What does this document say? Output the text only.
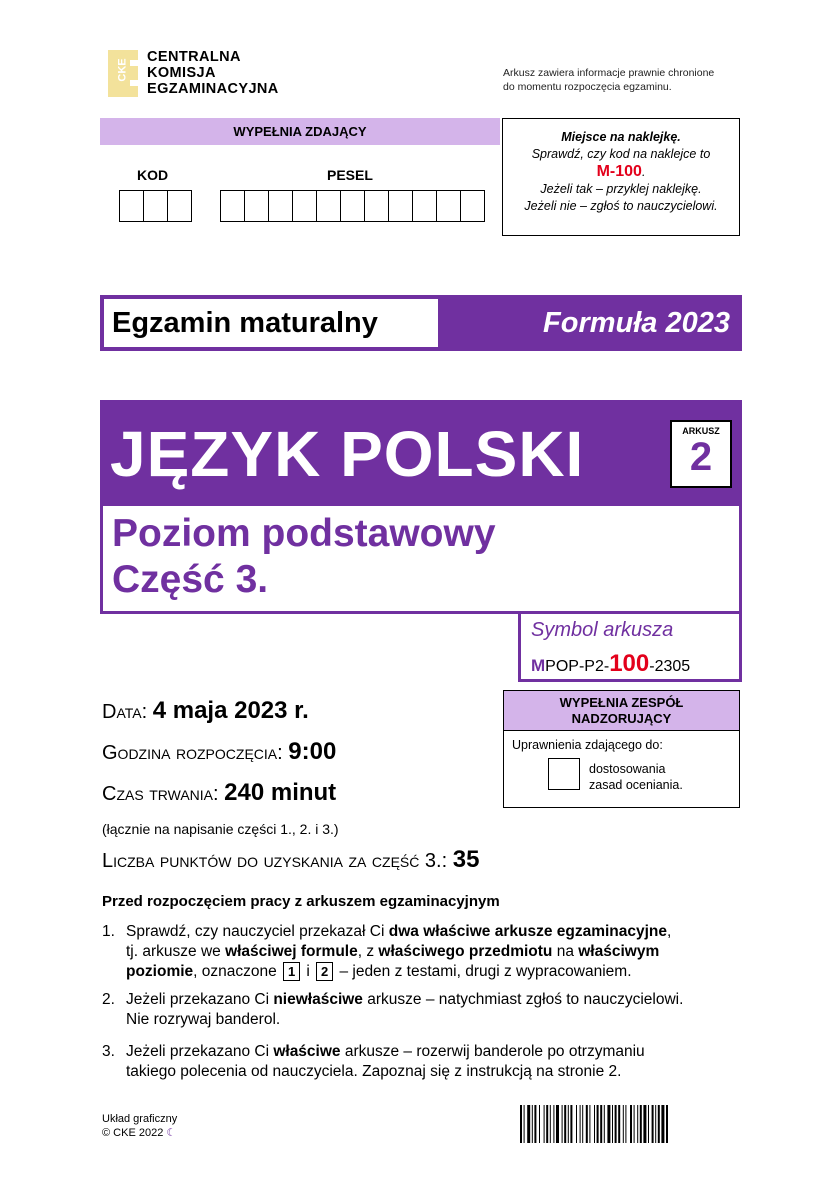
CKE
CENTRALNA
KOMISJA
EGZAMINACYJNA
Arkusz zawiera informacje prawnie chronione
do momentu rozpoczęcia egzaminu.
WYPEŁNIA ZDAJĄCY
KOD	PESEL
Miejsce na naklejkę.
Sprawdź, czy kod na naklejce to
M-100.
Jeżeli tak – przyklej naklejkę.
Jeżeli nie – zgłoś to nauczycielowi.
Egzamin maturalny	Formuła 2023
JĘZYK POLSKI	ARKUSZ
2
Poziom podstawowy
Część 3.
Symbol arkusza
MPOP-P2-100-2305
Data: 4 maja 2023 r.
Godzina rozpoczęcia: 9:00
Czas trwania: 240 minut
(łącznie na napisanie części 1., 2. i 3.)
Liczba punktów do uzyskania za część 3.: 35
WYPEŁNIA ZESPÓŁ
NADZORUJĄCY
Uprawnienia zdającego do:
dostosowania
zasad oceniania.
Przed rozpoczęciem pracy z arkuszem egzaminacyjnym
1. Sprawdź, czy nauczyciel przekazał Ci dwa właściwe arkusze egzaminacyjne,
tj. arkusze we właściwej formule, z właściwego przedmiotu na właściwym
poziomie, oznaczone 1 i 2 – jeden z testami, drugi z wypracowaniem.
2. Jeżeli przekazano Ci niewłaściwe arkusze – natychmiast zgłoś to nauczycielowi.
Nie rozrywaj banderol.
3. Jeżeli przekazano Ci właściwe arkusze – rozerwij banderole po otrzymaniu
takiego polecenia od nauczyciela. Zapoznaj się z instrukcją na stronie 2.
Układ graficzny
© CKE 2022 ☾
